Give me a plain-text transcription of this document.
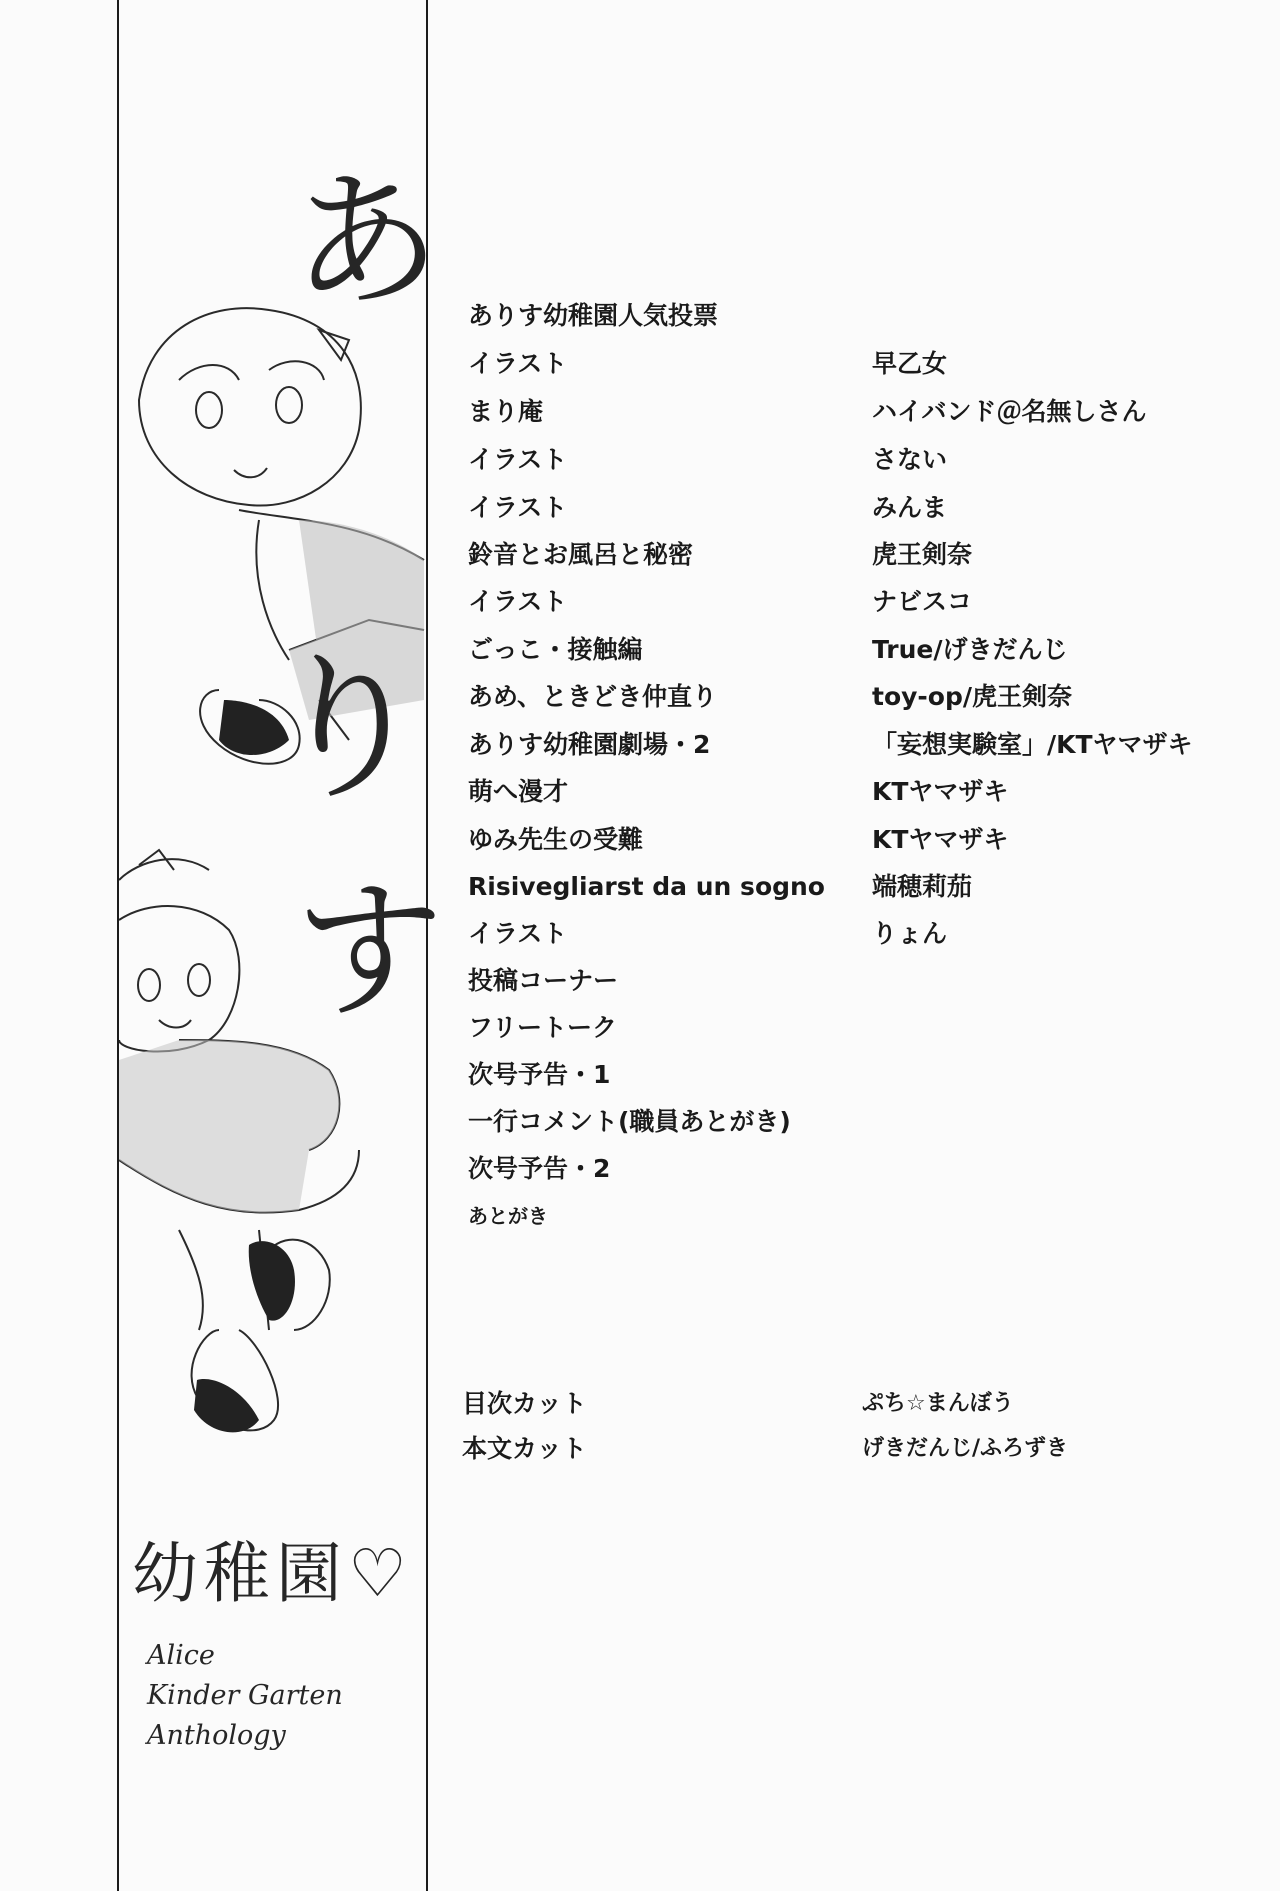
あ
り
す
幼稚園♡
Alice
Kinder Garten
Anthology
ありす幼稚園人気投票
イラスト
まり庵
イラスト
イラスト
鈴音とお風呂と秘密
イラスト
ごっこ・接触編
あめ、ときどき仲直り
ありす幼稚園劇場・2
萌へ漫才
ゆみ先生の受難
Risivegliarst da un sogno
イラスト
投稿コーナー
フリートーク
次号予告・1
一行コメント(職員あとがき)
次号予告・2
あとがき
早乙女
ハイバンド＠名無しさん
さない
みんま
虎王剣奈
ナビスコ
True/げきだんじ
toy-op/虎王剣奈
「妄想実験室」/KTヤマザキ
KTヤマザキ
KTヤマザキ
端穂莉茄
りょん
目次カット	ぷち☆まんぼう
本文カット	げきだんじ/ふろずき
